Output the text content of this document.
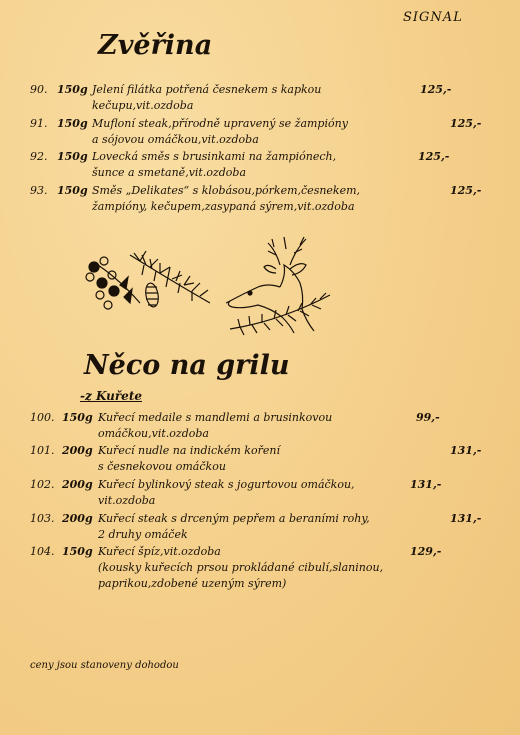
SIGNAL
Zvěřina
90. 150g Jelení filátka potřená česnekem s kapkou
kečupu,vit.ozdoba
125,-
91. 150g Mufloní steak,přírodně upravený se žampióny
a sójovou omáčkou,vit.ozdoba
125,-
92. 150g Lovecká směs s brusinkami na žampiónech,
šunce a smetaně,vit.ozdoba
125,-
93. 150g Směs „Delikates“ s klobásou,pórkem,česnekem,
žampióny, kečupem,zasypaná sýrem,vit.ozdoba
125,-
Něco na grilu
-z Kuřete
100. 150g Kuřecí medaile s mandlemi a brusinkovou
omáčkou,vit.ozdoba
99,-
101. 200g Kuřecí nudle na indickém koření
s česnekovou omáčkou
131,-
102. 200g Kuřecí bylinkový steak s jogurtovou omáčkou,
vit.ozdoba
131,-
103. 200g Kuřecí steak s drceným pepřem a beraními rohy,
2 druhy omáček
131,-
104. 150g Kuřecí špíz,vit.ozdoba
(kousky kuřecích prsou prokládané cibulí,slaninou,
paprikou,zdobené uzeným sýrem)
129,-
ceny jsou stanoveny dohodou
